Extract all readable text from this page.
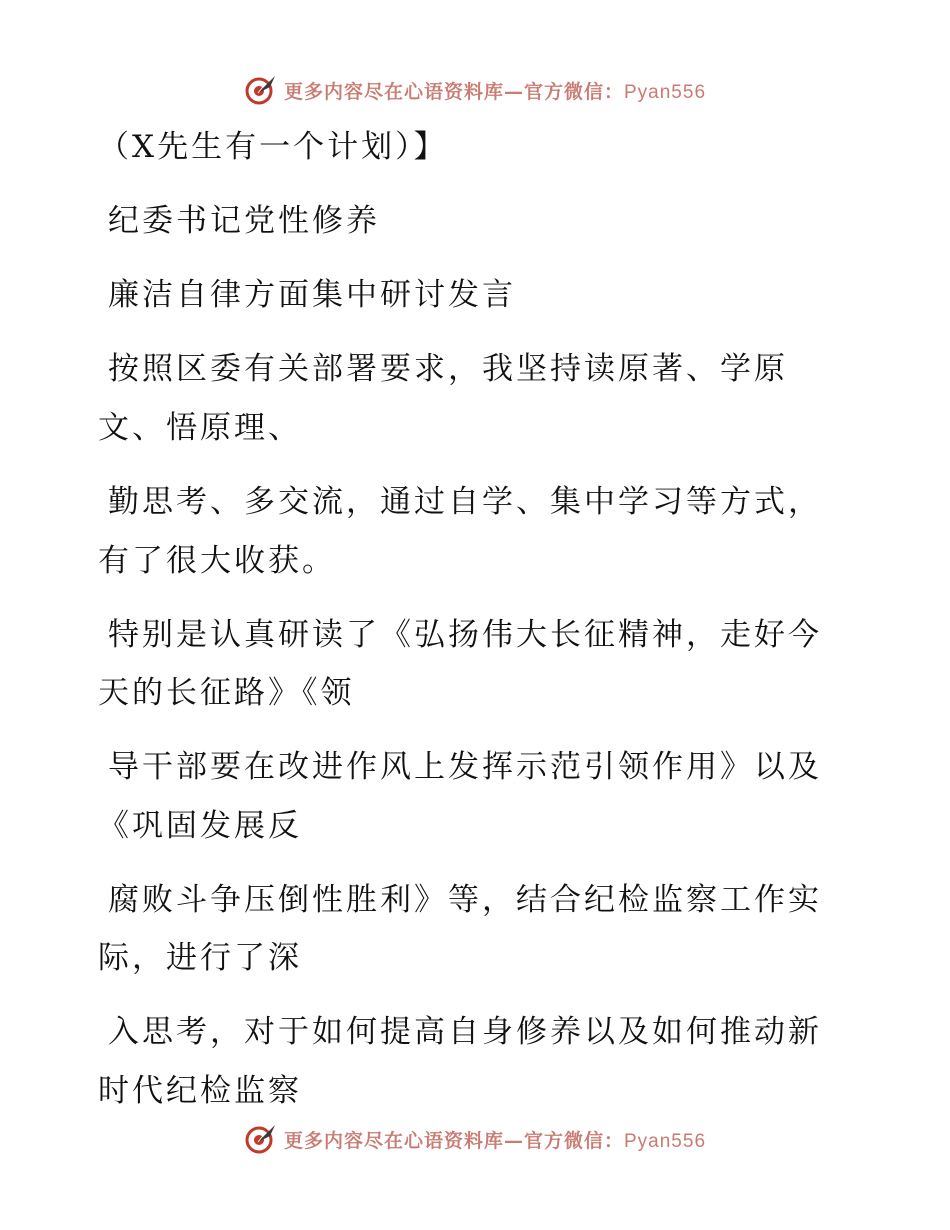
更多内容尽在心语资料库—官方微信：Pyan556
（X先生有一个计划）】
纪委书记党性修养
廉洁自律方面集中研讨发言
按照区委有关部署要求，我坚持读原著、学原
文、悟原理、
勤思考、多交流，通过自学、集中学习等方式，
有了很大收获。
特别是认真研读了《弘扬伟大长征精神，走好今
天的长征路》《领
导干部要在改进作风上发挥示范引领作用》以及
《巩固发展反
腐败斗争压倒性胜利》等，结合纪检监察工作实
际，进行了深
入思考，对于如何提高自身修养以及如何推动新
时代纪检监察
更多内容尽在心语资料库—官方微信：Pyan556
